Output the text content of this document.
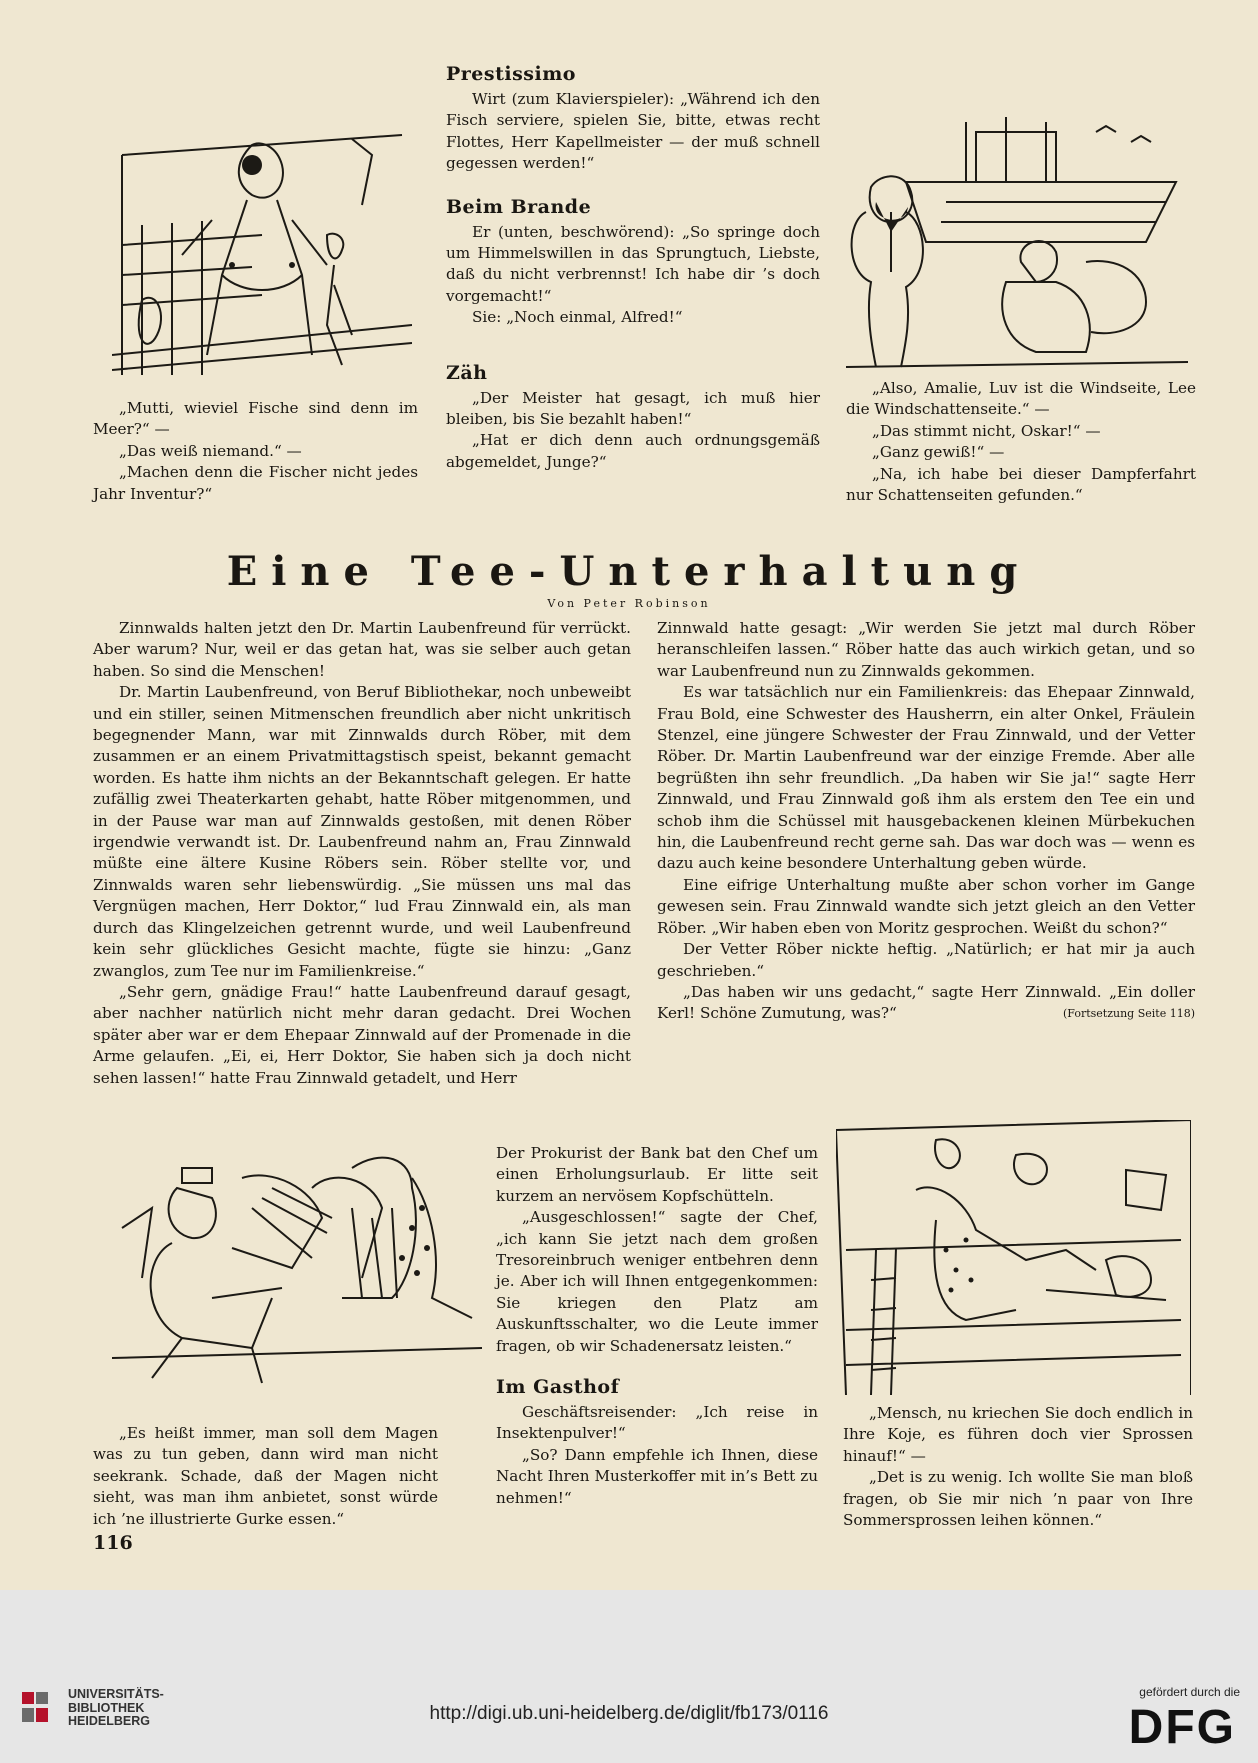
Prestissimo

Wirt (zum Klavierspieler): „Während ich den Fisch serviere, spielen Sie, bitte, etwas recht Flottes, Herr Kapellmeister — der muß schnell gegessen werden!“

Beim Brande

Er (unten, beschwörend): „So springe doch um Himmelswillen in das Sprungtuch, Liebste, daß du nicht verbrennst! Ich habe dir ’s doch vorgemacht!“

Sie: „Noch einmal, Alfred!“

Zäh

„Der Meister hat gesagt, ich muß hier bleiben, bis Sie bezahlt haben!“

„Hat er dich denn auch ordnungsgemäß abgemeldet, Junge?“

„Mutti, wieviel Fische sind denn im Meer?“ —

„Das weiß niemand.“ —

„Machen denn die Fischer nicht jedes Jahr Inventur?“

„Also, Amalie, Luv ist die Windseite, Lee die Windschattenseite.“ —

„Das stimmt nicht, Oskar!“ —

„Ganz gewiß!“ —

„Na, ich habe bei dieser Dampferfahrt nur Schattenseiten gefunden.“

Eine Tee-Unterhaltung
Von Peter Robinson

Zinnwalds halten jetzt den Dr. Martin Laubenfreund für verrückt. Aber warum? Nur, weil er das getan hat, was sie selber auch getan haben. So sind die Menschen!

Dr. Martin Laubenfreund, von Beruf Bibliothekar, noch unbeweibt und ein stiller, seinen Mitmenschen freundlich aber nicht unkritisch begegnender Mann, war mit Zinnwalds durch Röber, mit dem zusammen er an einem Privatmittagstisch speist, bekannt gemacht worden. Es hatte ihm nichts an der Bekanntschaft gelegen. Er hatte zufällig zwei Theaterkarten gehabt, hatte Röber mitgenommen, und in der Pause war man auf Zinnwalds gestoßen, mit denen Röber irgendwie verwandt ist. Dr. Laubenfreund nahm an, Frau Zinnwald müßte eine ältere Kusine Röbers sein. Röber stellte vor, und Zinnwalds waren sehr liebenswürdig. „Sie müssen uns mal das Vergnügen machen, Herr Doktor,“ lud Frau Zinnwald ein, als man durch das Klingelzeichen getrennt wurde, und weil Laubenfreund kein sehr glückliches Gesicht machte, fügte sie hinzu: „Ganz zwanglos, zum Tee nur im Familienkreise.“

„Sehr gern, gnädige Frau!“ hatte Laubenfreund darauf gesagt, aber nachher natürlich nicht mehr daran gedacht. Drei Wochen später aber war er dem Ehepaar Zinnwald auf der Promenade in die Arme gelaufen. „Ei, ei, Herr Doktor, Sie haben sich ja doch nicht sehen lassen!“ hatte Frau Zinnwald getadelt, und Herr

Zinnwald hatte gesagt: „Wir werden Sie jetzt mal durch Röber heranschleifen lassen.“ Röber hatte das auch wirkich getan, und so war Laubenfreund nun zu Zinnwalds gekommen.

Es war tatsächlich nur ein Familienkreis: das Ehepaar Zinnwald, Frau Bold, eine Schwester des Hausherrn, ein alter Onkel, Fräulein Stenzel, eine jüngere Schwester der Frau Zinnwald, und der Vetter Röber. Dr. Martin Laubenfreund war der einzige Fremde. Aber alle begrüßten ihn sehr freundlich. „Da haben wir Sie ja!“ sagte Herr Zinnwald, und Frau Zinnwald goß ihm als erstem den Tee ein und schob ihm die Schüssel mit hausgebackenen kleinen Mürbekuchen hin, die Laubenfreund recht gerne sah. Das war doch was — wenn es dazu auch keine besondere Unterhaltung geben würde.

Eine eifrige Unterhaltung mußte aber schon vorher im Gange gewesen sein. Frau Zinnwald wandte sich jetzt gleich an den Vetter Röber. „Wir haben eben von Moritz gesprochen. Weißt du schon?“

Der Vetter Röber nickte heftig. „Natürlich; er hat mir ja auch geschrieben.“

„Das haben wir uns gedacht,“ sagte Herr Zinnwald. „Ein doller Kerl! Schöne Zumutung, was?“	(Fortsetzung Seite 118)

Der Prokurist der Bank bat den Chef um einen Erholungsurlaub. Er litte seit kurzem an nervösem Kopfschütteln.

„Ausgeschlossen!“ sagte der Chef, „ich kann Sie jetzt nach dem großen Tresoreinbruch weniger entbehren denn je. Aber ich will Ihnen entgegenkommen: Sie kriegen den Platz am Auskunftsschalter, wo die Leute immer fragen, ob wir Schadenersatz leisten.“

Im Gasthof

Geschäftsreisender: „Ich reise in Insektenpulver!“

„So? Dann empfehle ich Ihnen, diese Nacht Ihren Musterkoffer mit in’s Bett zu nehmen!“

„Es heißt immer, man soll dem Magen was zu tun geben, dann wird man nicht seekrank. Schade, daß der Magen nicht sieht, was man ihm anbietet, sonst würde ich ’ne illustrierte Gurke essen.“

„Mensch, nu kriechen Sie doch endlich in Ihre Koje, es führen doch vier Sprossen hinauf!“ —

„Det is zu wenig. Ich wollte Sie man bloß fragen, ob Sie mir nich ’n paar von Ihre Sommersprossen leihen können.“

116
UNIVERSITÄTS-
BIBLIOTHEK
HEIDELBERG	http://digi.ub.uni-heidelberg.de/diglit/fb173/0116
gefördert durch die
DFG
